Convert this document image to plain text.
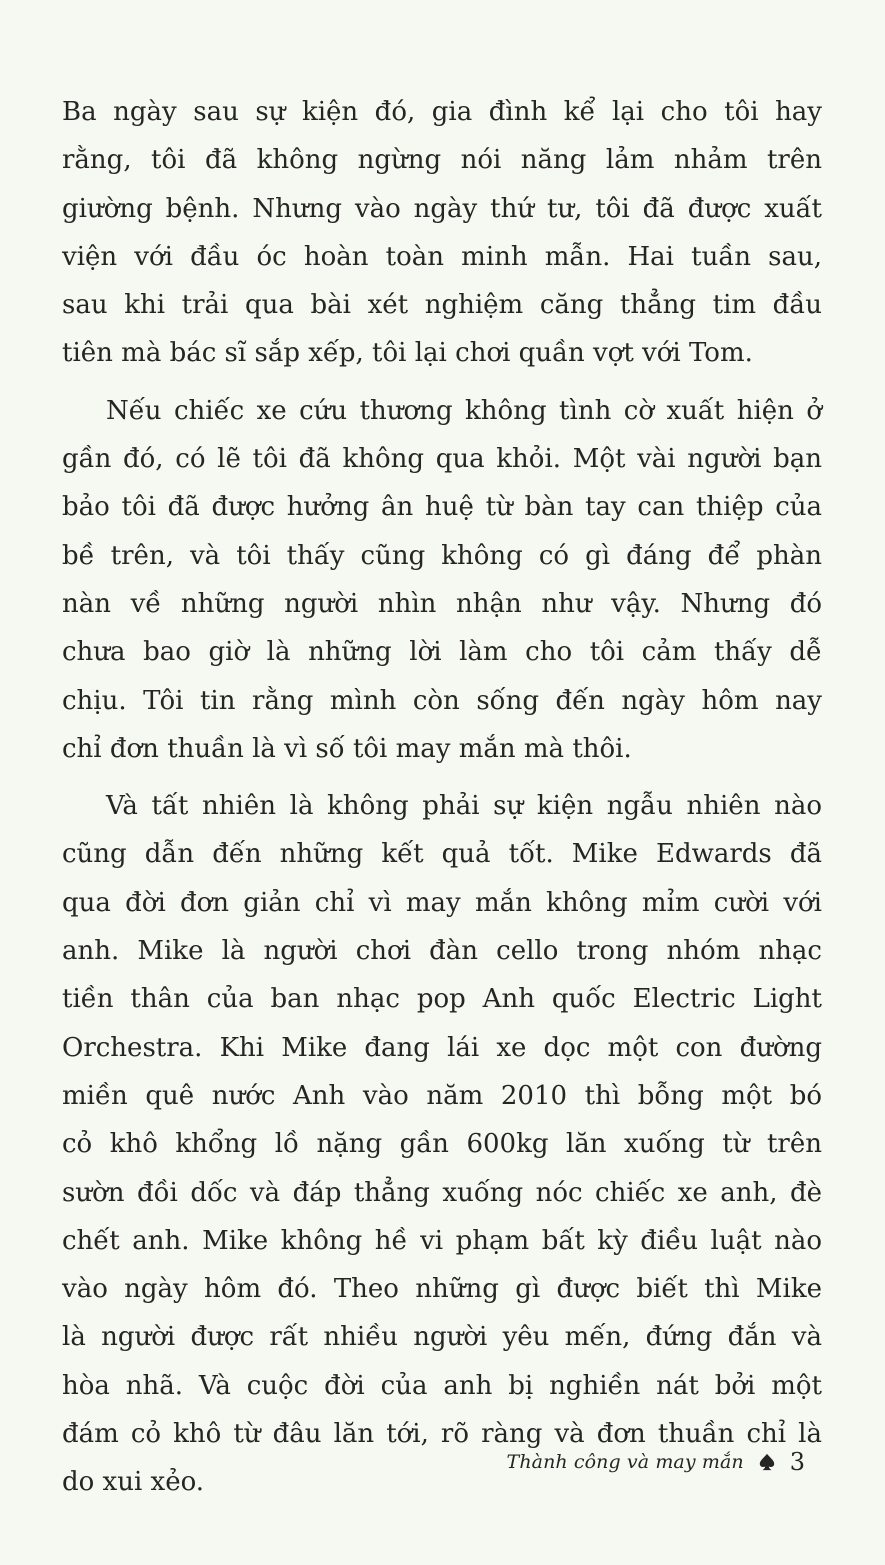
Ba ngày sau sự kiện đó, gia đình kể lại cho tôi hay
rằng, tôi đã không ngừng nói năng lảm nhảm trên
giường bệnh. Nhưng vào ngày thứ tư, tôi đã được xuất
viện với đầu óc hoàn toàn minh mẫn. Hai tuần sau,
sau khi trải qua bài xét nghiệm căng thẳng tim đầu
tiên mà bác sĩ sắp xếp, tôi lại chơi quần vợt với Tom.
Nếu chiếc xe cứu thương không tình cờ xuất hiện ở
gần đó, có lẽ tôi đã không qua khỏi. Một vài người bạn
bảo tôi đã được hưởng ân huệ từ bàn tay can thiệp của
bề trên, và tôi thấy cũng không có gì đáng để phàn
nàn về những người nhìn nhận như vậy. Nhưng đó
chưa bao giờ là những lời làm cho tôi cảm thấy dễ
chịu. Tôi tin rằng mình còn sống đến ngày hôm nay
chỉ đơn thuần là vì số tôi may mắn mà thôi.
Và tất nhiên là không phải sự kiện ngẫu nhiên nào
cũng dẫn đến những kết quả tốt. Mike Edwards đã
qua đời đơn giản chỉ vì may mắn không mỉm cười với
anh. Mike là người chơi đàn cello trong nhóm nhạc
tiền thân của ban nhạc pop Anh quốc Electric Light
Orchestra. Khi Mike đang lái xe dọc một con đường
miền quê nước Anh vào năm 2010 thì bỗng một bó
cỏ khô khổng lồ nặng gần 600kg lăn xuống từ trên
sườn đồi dốc và đáp thẳng xuống nóc chiếc xe anh, đè
chết anh. Mike không hề vi phạm bất kỳ điều luật nào
vào ngày hôm đó. Theo những gì được biết thì Mike
là người được rất nhiều người yêu mến, đứng đắn và
hòa nhã. Và cuộc đời của anh bị nghiền nát bởi một
đám cỏ khô từ đâu lăn tới, rõ ràng và đơn thuần chỉ là
do xui xẻo.
Thành công và may mắn 3
